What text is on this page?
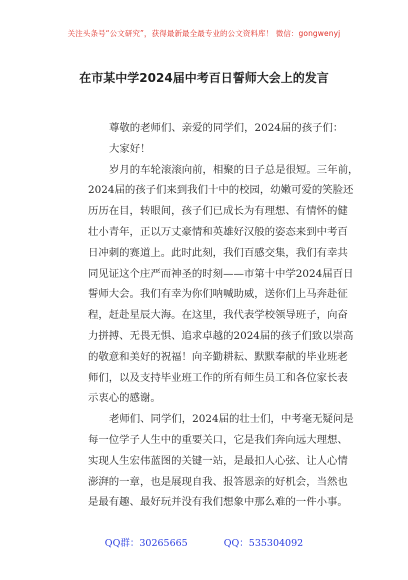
关注头条号“公文研究”，获得最新最全最专业的公文资料库！ 微信：gongwenyj
在市某中学2024届中考百日誓师大会上的发言
尊敬的老师们、亲爱的同学们，2024届的孩子们：
大家好！
岁月的车轮滚滚向前，相聚的日子总是很短。三年前，
2024届的孩子们来到我们十中的校园，幼嫩可爱的笑脸还
历历在目，转眼间，孩子们已成长为有理想、有情怀的健
壮小青年，正以万丈豪情和英雄好汉般的姿态来到中考百
日冲刺的赛道上。此时此刻，我们百感交集，我们有幸共
同见证这个庄严而神圣的时刻——市第十中学2024届百日
誓师大会。我们有幸为你们呐喊助威，送你们上马奔赴征
程，赶赴星辰大海。在这里，我代表学校领导班子，向奋
力拼搏、无畏无惧、追求卓越的2024届的孩子们致以崇高
的敬意和美好的祝福！向辛勤耕耘、默默奉献的毕业班老
师们，以及支持毕业班工作的所有师生员工和各位家长表
示衷心的感谢。
老师们、同学们，2024届的壮士们，中考毫无疑问是
每一位学子人生中的重要关口，它是我们奔向远大理想、
实现人生宏伟蓝图的关键一站，是最扣人心弦、让人心情
澎湃的一章，也是展现自我、报答恩亲的好机会，当然也
是最有趣、最好玩并没有我们想象中那么难的一件小事。
QQ群：30265665	QQ：535304092
